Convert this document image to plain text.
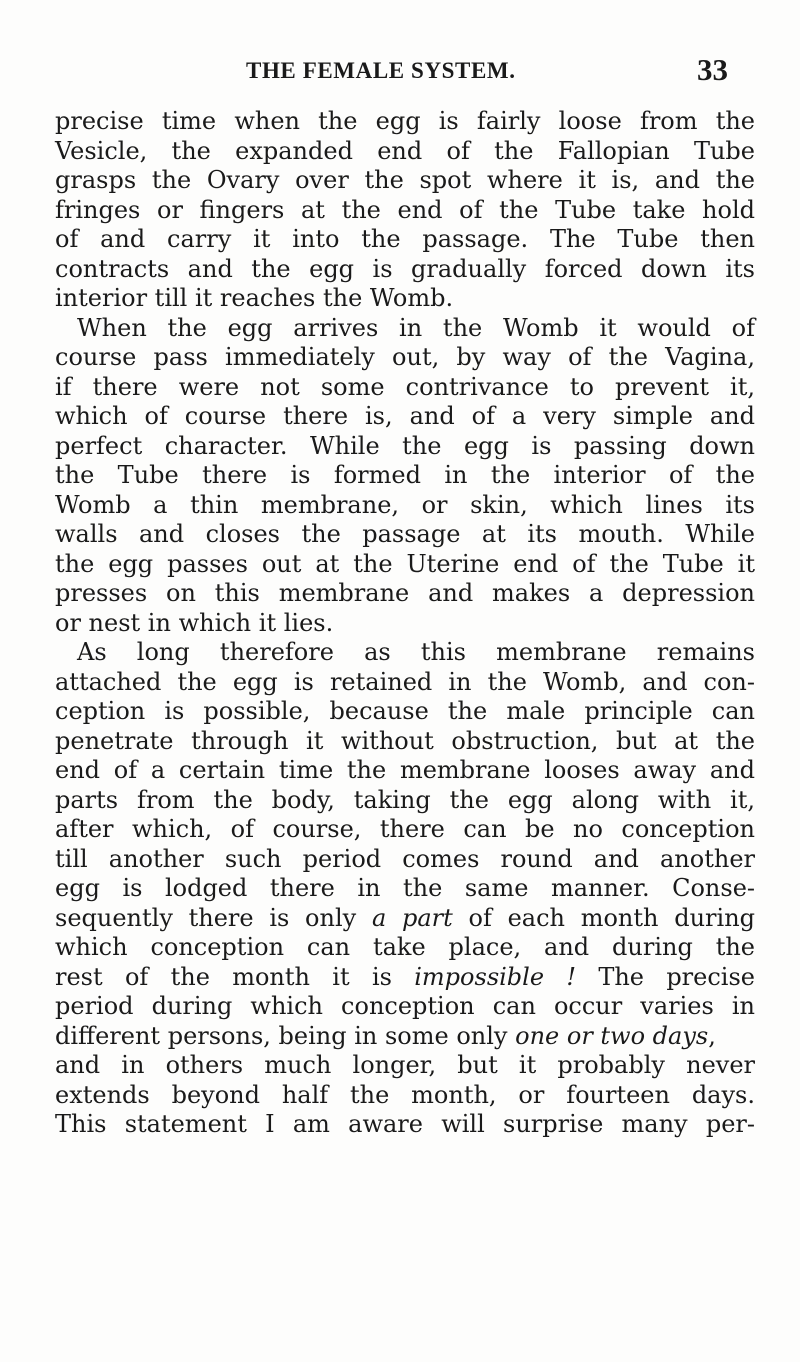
THE FEMALE SYSTEM.	33
precise time when the egg is fairly loose from the
Vesicle, the expanded end of the Fallopian Tube
grasps the Ovary over the spot where it is, and the
fringes or fingers at the end of the Tube take hold
of and carry it into the passage. The Tube then
contracts and the egg is gradually forced down its
interior till it reaches the Womb.
When the egg arrives in the Womb it would of
course pass immediately out, by way of the Vagina,
if there were not some contrivance to prevent it,
which of course there is, and of a very simple and
perfect character. While the egg is passing down
the Tube there is formed in the interior of the
Womb a thin membrane, or skin, which lines its
walls and closes the passage at its mouth. While
the egg passes out at the Uterine end of the Tube it
presses on this membrane and makes a depression
or nest in which it lies.
As long therefore as this membrane remains
attached the egg is retained in the Womb, and con-
ception is possible, because the male principle can
penetrate through it without obstruction, but at the
end of a certain time the membrane looses away and
parts from the body, taking the egg along with it,
after which, of course, there can be no conception
till another such period comes round and another
egg is lodged there in the same manner. Conse-
sequently there is only a part of each month during
which conception can take place, and during the
rest of the month it is impossible ! The precise
period during which conception can occur varies in
different persons, being in some only one or two days,
and in others much longer, but it probably never
extends beyond half the month, or fourteen days.
This statement I am aware will surprise many per-
